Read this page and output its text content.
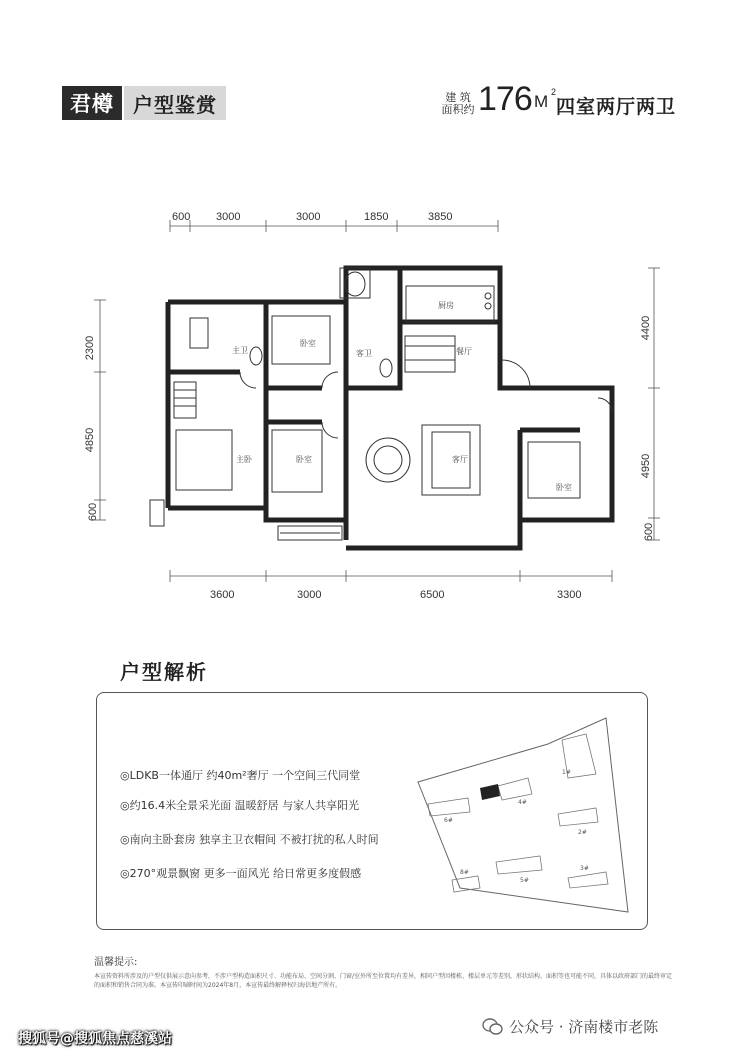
君樽 户型鉴赏	建 筑面积约 176 M 2
四室两厅两卫
600 3000	3000	1850	3850
3600	3000	6500	3300
2300
4850
600
4400
4950
600
厨房
主卫
卧室
客卫	餐厅
主卧	卧室	客厅
卧室
户型解析
◎LDKB一体通厅 约40m²奢厅 一个空间三代同堂
◎约16.4米全景采光面 温暖舒居 与家人共享阳光
◎南向主卧套房 独享主卫衣帽间 不被打扰的私人时间
◎270°观景飘窗 更多一面风光 给日常更多度假感
1#
4#
6#
2#
8#
5#
3#
温馨提示:
本宣传资料所涉及的户型仅供展示意向参考，不涉户型构造面积尺寸、功能布局、空间分割、门窗/室外所至位置均有差异，相同户型因楼栋、楼层单元等差别，形状结构、面积等也可能不同，具体以政府部门的最终审定的面积和销售合同为准。本宣传印刷时间为2024年8月，本宣传最终解释权归海信地产所有。
搜狐号@搜狐焦点慈溪站
公众号 · 济南楼市老陈
